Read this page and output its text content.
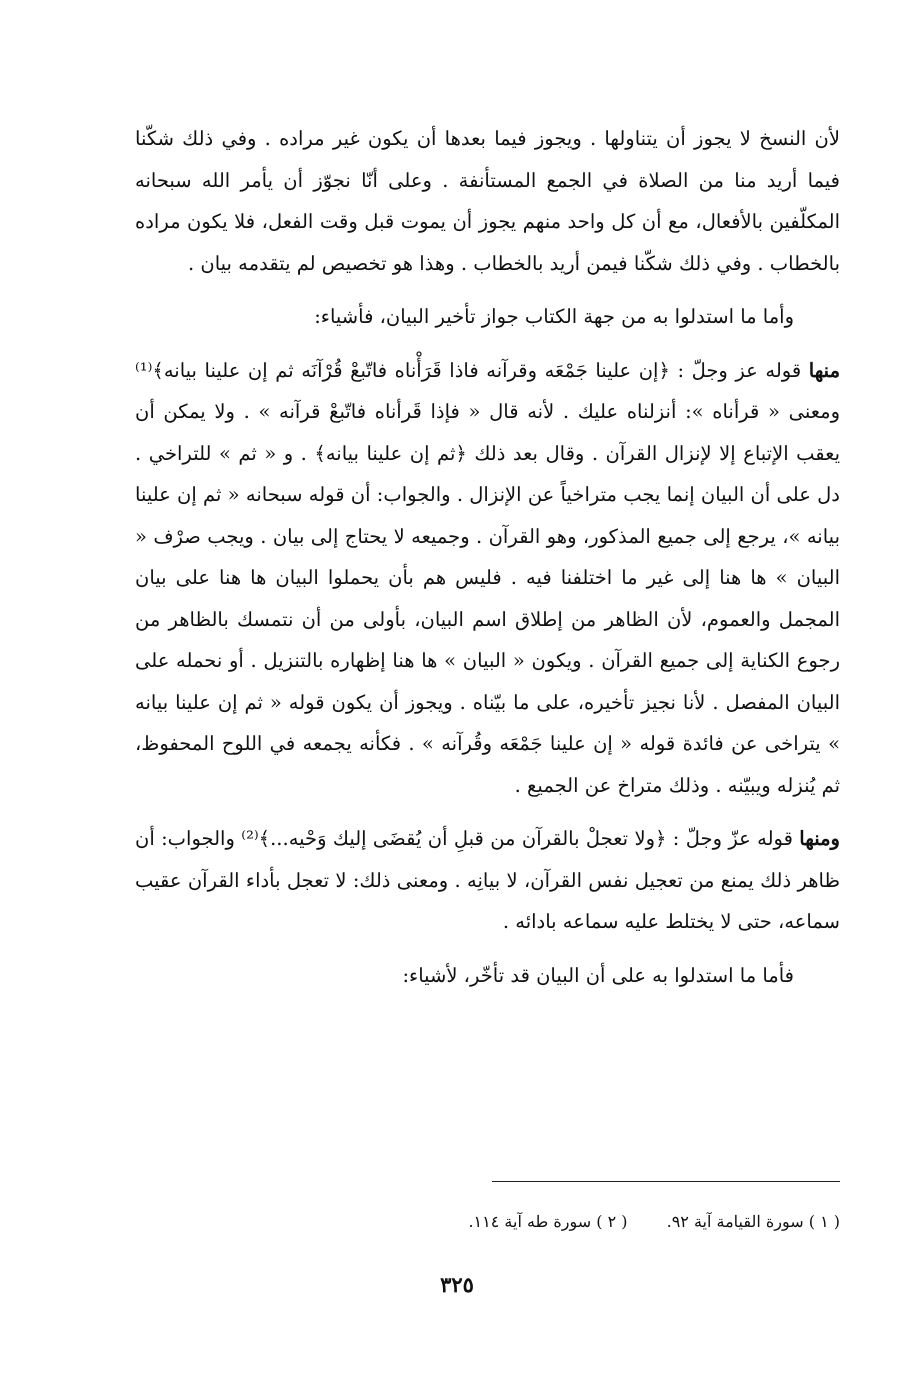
لأن النسخ لا يجوز أن يتناولها . ويجوز فيما بعدها أن يكون غير مراده . وفي ذلك شكّنا فيما أريد منا من الصلاة في الجمع المستأنفة . وعلى أنّا نجوّز أن يأمر الله سبحانه المكلّفين بالأفعال، مع أن كل واحد منهم يجوز أن يموت قبل وقت الفعل، فلا يكون مراده بالخطاب . وفي ذلك شكّنا فيمن أريد بالخطاب . وهذا هو تخصيص لم يتقدمه بيان .

وأما ما استدلوا به من جهة الكتاب جواز تأخير البيان، فأشياء:

منها قوله عز وجلّ : ﴿إن علينا جَمْعَه وقرآنه فاذا قَرَأْناه فاتّبعْ قُرْآنَه ثم إن علينا بيانه﴾⁽¹⁾ ومعنى « قرأناه »: أنزلناه عليك . لأنه قال « فإذا قَرأناه فاتّبعْ قرآنه » . ولا يمكن أن يعقب الإتباع إلا لإنزال القرآن . وقال بعد ذلك ﴿ثم إن علينا بيانه﴾ . و « ثم » للتراخي . دل على أن البيان إنما يجب متراخياً عن الإنزال . والجواب: أن قوله سبحانه « ثم إن علينا بيانه »، يرجع إلى جميع المذكور، وهو القرآن . وجميعه لا يحتاج إلى بيان . ويجب صرْف « البيان » ها هنا إلى غير ما اختلفنا فيه . فليس هم بأن يحملوا البيان ها هنا على بيان المجمل والعموم، لأن الظاهر من إطلاق اسم البيان، بأولى من أن نتمسك بالظاهر من رجوع الكناية إلى جميع القرآن . ويكون « البيان » ها هنا إظهاره بالتنزيل . أو نحمله على البيان المفصل . لأنا نجيز تأخيره، على ما بيّناه . ويجوز أن يكون قوله « ثم إن علينا بيانه » يتراخى عن فائدة قوله « إن علينا جَمْعَه وقُرآنه » . فكأنه يجمعه في اللوح المحفوظ، ثم يُنزله ويبيّنه . وذلك متراخ عن الجميع .

ومنها قوله عزّ وجلّ : ﴿ولا تعجلْ بالقرآن من قبلِ أن يُقضَى إليك وَحْيه...﴾⁽²⁾ والجواب: أن ظاهر ذلك يمنع من تعجيل نفس القرآن، لا بيانِه . ومعنى ذلك: لا تعجل بأداء القرآن عقيب سماعه، حتى لا يختلط عليه سماعه بادائه .

فأما ما استدلوا به على أن البيان قد تأخّر، لأشياء:

( ١ ) سورة القيامة آية ٩٢. ( ٢ ) سورة طه آية ١١٤.
٣٢٥
